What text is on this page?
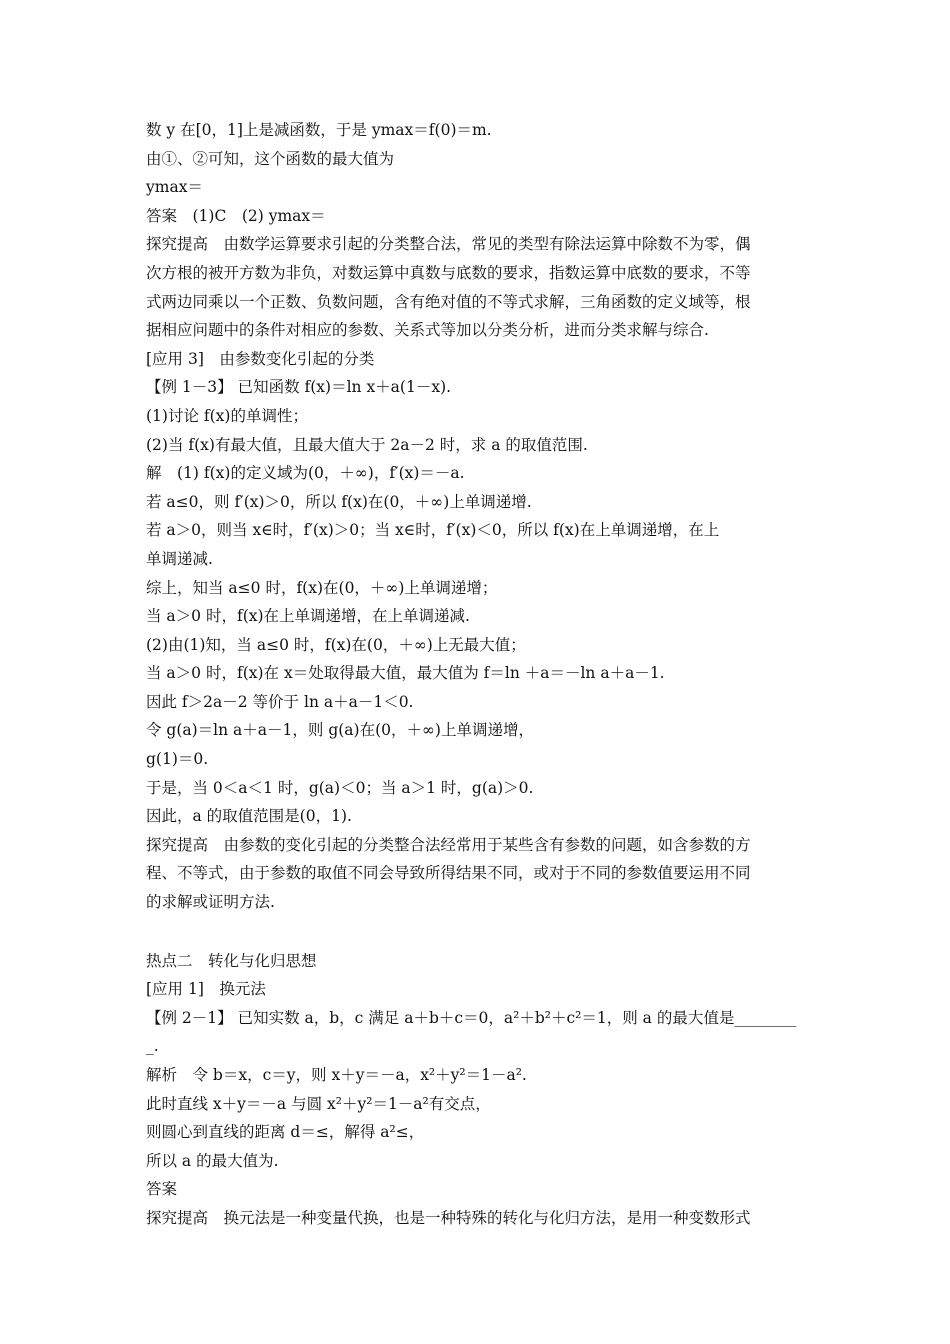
数 y 在[0，1]上是减函数，于是 ymax＝f(0)＝m.
由①、②可知，这个函数的最大值为
ymax＝
答案　(1)C　(2) ymax＝
探究提高　由数学运算要求引起的分类整合法，常见的类型有除法运算中除数不为零，偶
次方根的被开方数为非负，对数运算中真数与底数的要求，指数运算中底数的要求，不等
式两边同乘以一个正数、负数问题，含有绝对值的不等式求解，三角函数的定义域等，根
据相应问题中的条件对相应的参数、关系式等加以分类分析，进而分类求解与综合.
[应用 3]　由参数变化引起的分类
【例 1－3】 已知函数 f(x)＝ln x＋a(1－x).
(1)讨论 f(x)的单调性；
(2)当 f(x)有最大值，且最大值大于 2a－2 时，求 a 的取值范围.
解　(1) f(x)的定义域为(0，＋∞)，f′(x)＝－a.
若 a≤0，则 f′(x)＞0，所以 f(x)在(0，＋∞)上单调递增.
若 a＞0，则当 x∈时，f′(x)＞0；当 x∈时，f′(x)＜0，所以 f(x)在上单调递增，在上
单调递减.
综上，知当 a≤0 时，f(x)在(0，＋∞)上单调递增；
当 a＞0 时，f(x)在上单调递增，在上单调递减.
(2)由(1)知，当 a≤0 时，f(x)在(0，＋∞)上无最大值；
当 a＞0 时，f(x)在 x＝处取得最大值，最大值为 f＝ln ＋a＝－ln a＋a－1.
因此 f＞2a－2 等价于 ln a＋a－1＜0.
令 g(a)＝ln a＋a－1，则 g(a)在(0，＋∞)上单调递增，
g(1)＝0.
于是，当 0＜a＜1 时，g(a)＜0；当 a＞1 时，g(a)＞0.
因此，a 的取值范围是(0，1).
探究提高　由参数的变化引起的分类整合法经常用于某些含有参数的问题，如含参数的方
程、不等式，由于参数的取值不同会导致所得结果不同，或对于不同的参数值要运用不同
的求解或证明方法.
热点二　转化与化归思想
[应用 1]　换元法
【例 2－1】 已知实数 a，b，c 满足 a＋b＋c＝0，a²＋b²＋c²＝1，则 a 的最大值是________
_.
解析　令 b＝x，c＝y，则 x＋y＝－a，x²＋y²＝1－a².
此时直线 x＋y＝－a 与圆 x²＋y²＝1－a²有交点，
则圆心到直线的距离 d＝≤，解得 a²≤，
所以 a 的最大值为.
答案
探究提高　换元法是一种变量代换，也是一种特殊的转化与化归方法，是用一种变数形式
